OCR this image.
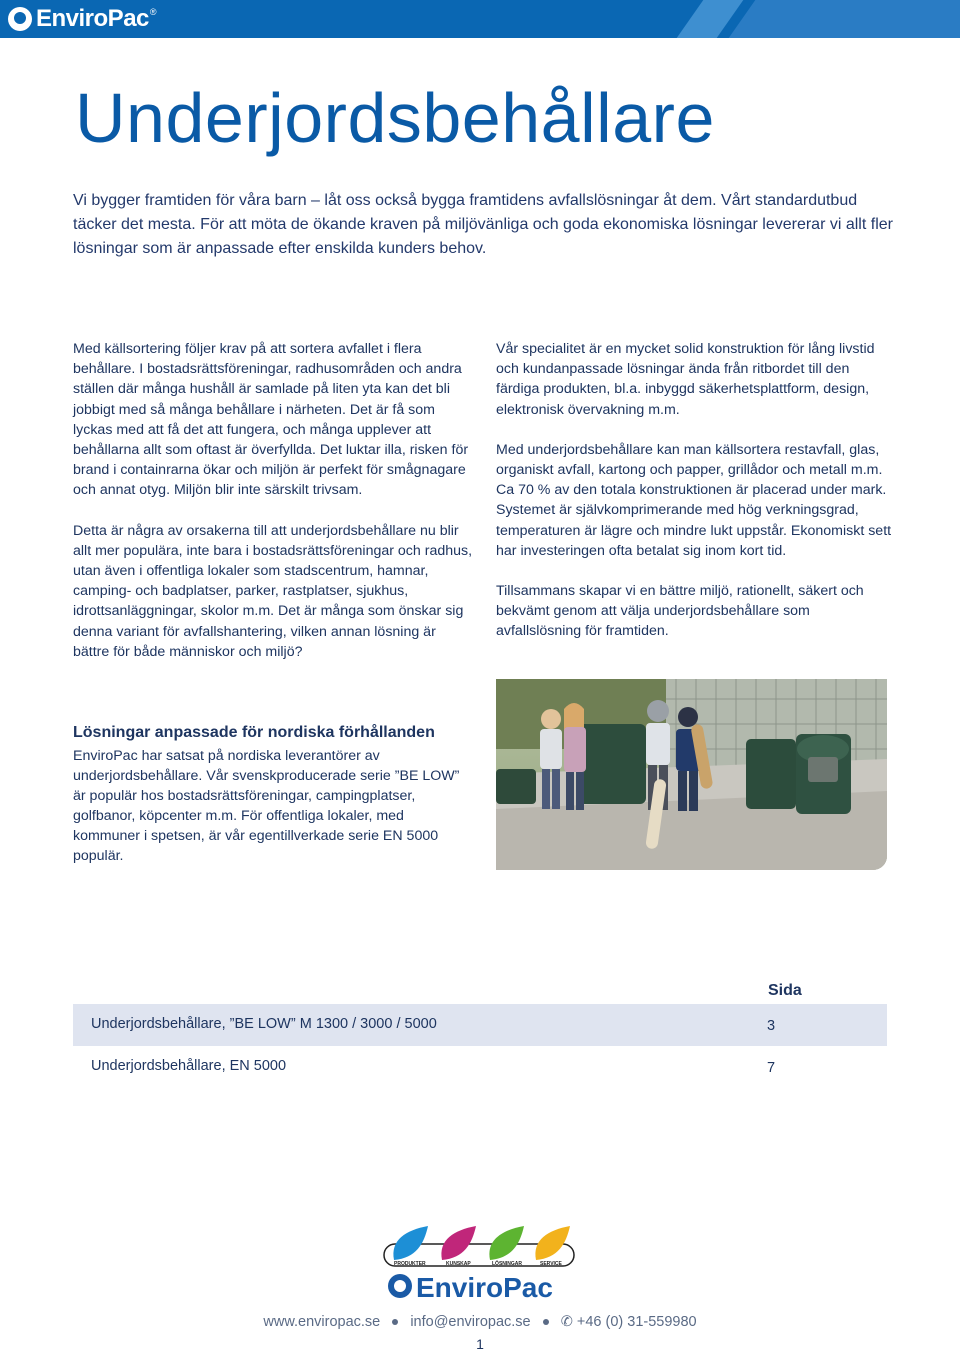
EnviroPac ®
Underjordsbehållare

Vi bygger framtiden för våra barn – låt oss också bygga framtidens avfallslösningar åt dem. Vårt standardutbud täcker det mesta. För att möta de ökande kraven på miljövänliga och goda ekonomiska lösningar levererar vi allt fler lösningar som är anpassade efter enskilda kunders behov.

Med källsortering följer krav på att sortera avfallet i flera behållare. I bostadsrättsföreningar, radhusområden och andra ställen där många hushåll är samlade på liten yta kan det bli jobbigt med så många behållare i närheten. Det är få som lyckas med att få det att fungera, och många upplever att behållarna allt som oftast är överfyllda. Det luktar illa, risken för brand i containrarna ökar och miljön är perfekt för smågnagare och annat otyg. Miljön blir inte särskilt trivsam.

Detta är några av orsakerna till att underjordsbehållare nu blir allt mer populära, inte bara i bostadsrättsföreningar och radhus, utan även i offentliga lokaler som stadscentrum, hamnar, camping- och badplatser, parker, rastplatser, sjukhus, idrottsanläggningar, skolor m.m. Det är många som önskar sig denna variant för avfallshantering, vilken annan lösning är bättre för både människor och miljö?

Lösningar anpassade för nordiska förhållanden

EnviroPac har satsat på nordiska leverantörer av underjordsbehållare. Vår svenskproducerade serie ”BE LOW” är populär hos bostadsrättsföreningar, campingplatser, golfbanor, köpcenter m.m. För offentliga lokaler, med kommuner i spetsen, är vår egentillverkade serie EN 5000 populär.

Vår specialitet är en mycket solid konstruktion för lång livstid och kundanpassade lösningar ända från ritbordet till den färdiga produkten, bl.a. inbyggd säkerhetsplattform, design, elektronisk övervakning m.m.

Med underjordsbehållare kan man källsortera restavfall, glas, organiskt avfall, kartong och papper, grillådor och metall m.m. Ca 70 % av den totala konstruktionen är placerad under mark. Systemet är självkomprimerande med hög verkningsgrad, temperaturen är lägre och mindre lukt uppstår. Ekonomiskt sett har investeringen ofta betalat sig inom kort tid.

Tillsammans skapar vi en bättre miljö, rationellt, säkert och bekvämt genom att välja underjordsbehållare som avfallslösning för framtiden.

Sida
Underjordsbehållare, ”BE LOW” M 1300 / 3000 / 5000	3
Underjordsbehållare, EN 5000	7
PRODUKTER	KUNSKAP	LÖSNINGAR	SERVICE
EnviroPac
www.enviropac.se info@enviropac.se ✆ +46 (0) 31-559980
1
